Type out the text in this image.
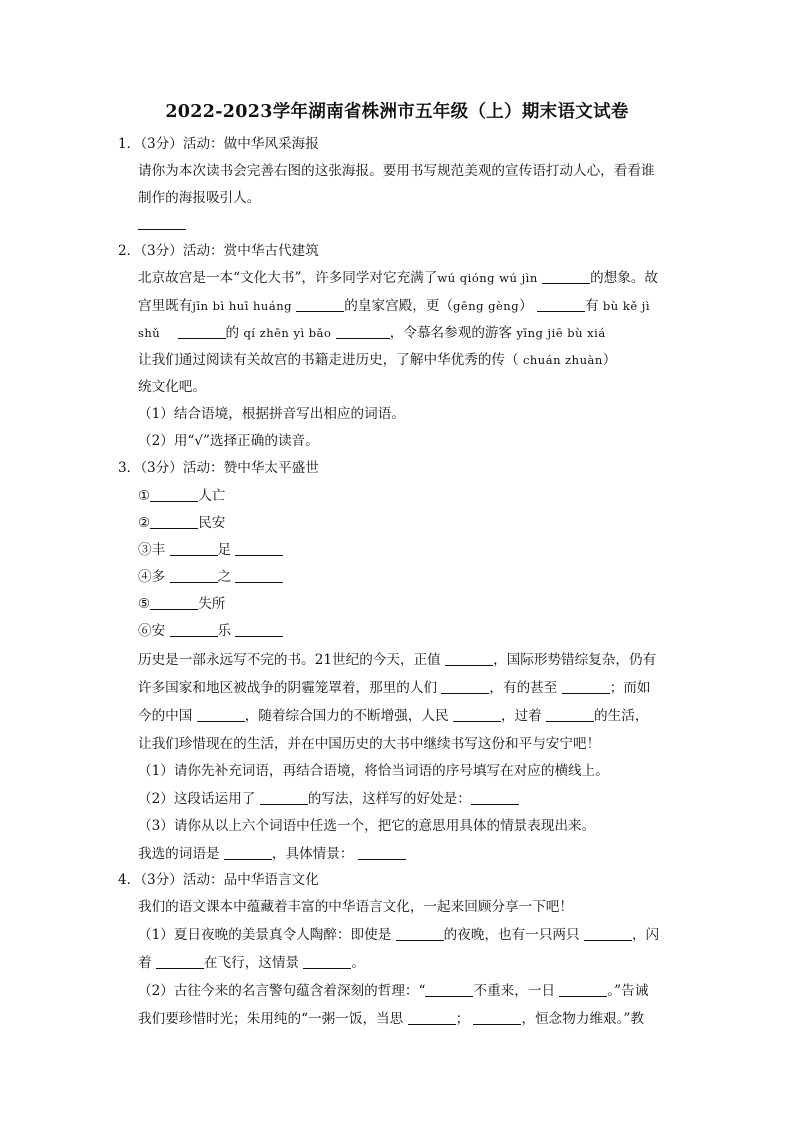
2022-2023学年湖南省株洲市五年级（上）期末语文试卷
1．（3分）活动：做中华风采海报
请你为本次读书会完善右图的这张海报。要用书写规范美观的宣传语打动人心，看看谁
制作的海报吸引人。
2．（3分）活动：赏中华古代建筑
北京故宫是一本“文化大书”，许多同学对它充满了wú qióng wú jìn	的想象。故
宫里既有jīn bì huī huáng	的皇家宫殿，更（gēng gèng）	有 bù kě jì
shǔ	的 qí zhēn yì bǎo	，令慕名参观的游客 yīng jiē bù xiá
让我们通过阅读有关故宫的书籍走进历史，了解中华优秀的传（ chuán zhuàn）
统文化吧。
（1）结合语境，根据拼音写出相应的词语。
（2）用“√”选择正确的读音。
3．（3分）活动：赞中华太平盛世
①	人亡
②	民安
③丰	足
④多	之
⑤	失所
⑥安	乐
历史是一部永远写不完的书。21世纪的今天，正值	，国际形势错综复杂，仍有
许多国家和地区被战争的阴霾笼罩着，那里的人们	，有的甚至	；而如
今的中国	，随着综合国力的不断增强，人民	，过着	的生活，
让我们珍惜现在的生活，并在中国历史的大书中继续书写这份和平与安宁吧！
（1）请你先补充词语，再结合语境，将恰当词语的序号填写在对应的横线上。
（2）这段话运用了	的写法，这样写的好处是：
（3）请你从以上六个词语中任选一个，把它的意思用具体的情景表现出来。
我选的词语是	，具体情景：
4．（3分）活动：品中华语言文化
我们的语文课本中蕴藏着丰富的中华语言文化，一起来回顾分享一下吧！
（1）夏日夜晚的美景真令人陶醉：即使是	的夜晚，也有一只两只	，闪
着	在飞行，这情景	。
（2）古往今来的名言警句蕴含着深刻的哲理：“	不重来，一日	。”告诫
我们要珍惜时光；朱用纯的“一粥一饭，当思	；	，恒念物力维艰。”教
